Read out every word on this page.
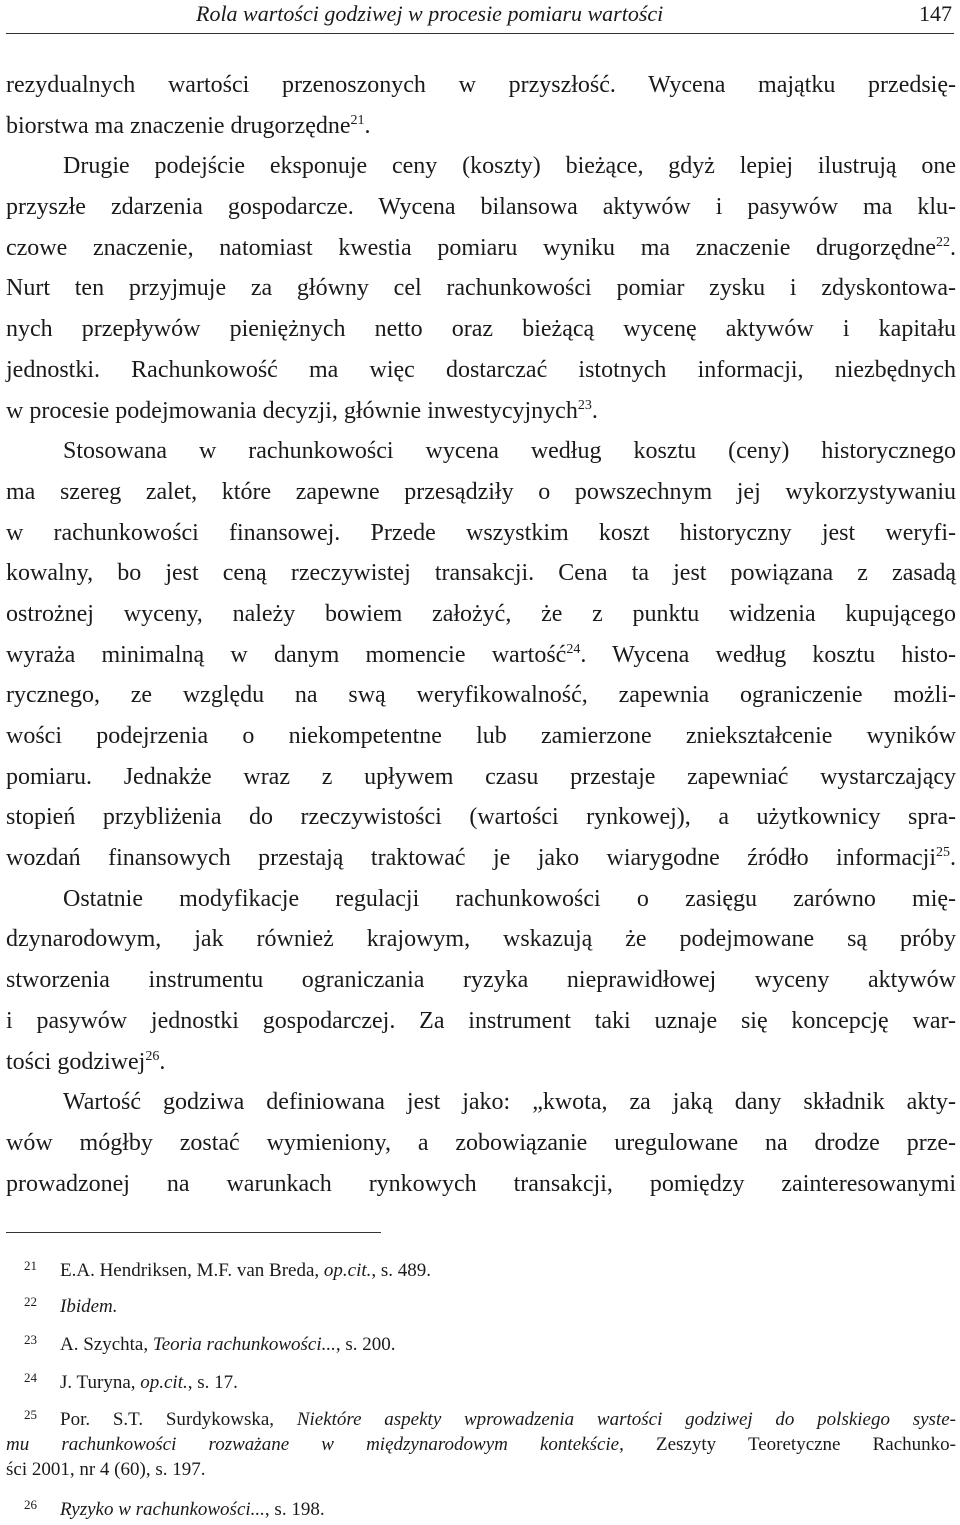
Rola wartości godziwej w procesie pomiaru wartości	147
rezydualnych wartości przenoszonych w przyszłość. Wycena majątku przedsię-
biorstwa ma znaczenie drugorzędne$^{21}$.
Drugie podejście eksponuje ceny (koszty) bieżące, gdyż lepiej ilustrują one
przyszłe zdarzenia gospodarcze. Wycena bilansowa aktywów i pasywów ma klu-
czowe znaczenie, natomiast kwestia pomiaru wyniku ma znaczenie drugorzędne$^{22}$.
Nurt ten przyjmuje za główny cel rachunkowości pomiar zysku i zdyskontowa-
nych przepływów pieniężnych netto oraz bieżącą wycenę aktywów i kapitału
jednostki. Rachunkowość ma więc dostarczać istotnych informacji, niezbędnych
w procesie podejmowania decyzji, głównie inwestycyjnych$^{23}$.
Stosowana w rachunkowości wycena według kosztu (ceny) historycznego
ma szereg zalet, które zapewne przesądziły o powszechnym jej wykorzystywaniu
w rachunkowości finansowej. Przede wszystkim koszt historyczny jest weryfi-
kowalny, bo jest ceną rzeczywistej transakcji. Cena ta jest powiązana z zasadą
ostrożnej wyceny, należy bowiem założyć, że z punktu widzenia kupującego
wyraża minimalną w danym momencie wartość$^{24}$. Wycena według kosztu histo-
rycznego, ze względu na swą weryfikowalność, zapewnia ograniczenie możli-
wości podejrzenia o niekompetentne lub zamierzone zniekształcenie wyników
pomiaru. Jednakże wraz z upływem czasu przestaje zapewniać wystarczający
stopień przybliżenia do rzeczywistości (wartości rynkowej), a użytkownicy spra-
wozdań finansowych przestają traktować je jako wiarygodne źródło informacji$^{25}$.
Ostatnie modyfikacje regulacji rachunkowości o zasięgu zarówno mię-
dzynarodowym, jak również krajowym, wskazują że podejmowane są próby
stworzenia instrumentu ograniczania ryzyka nieprawidłowej wyceny aktywów
i pasywów jednostki gospodarczej. Za instrument taki uznaje się koncepcję war-
tości godziwej$^{26}$.
Wartość godziwa definiowana jest jako: „kwota, za jaką dany składnik akty-
wów mógłby zostać wymieniony, a zobowiązanie uregulowane na drodze prze-
prowadzonej na warunkach rynkowych transakcji, pomiędzy zainteresowanymi
21 E.A. Hendriksen, M.F. van Breda, op.cit., s. 489.
22 Ibidem.
23 A. Szychta, Teoria rachunkowości..., s. 200.
24 J. Turyna, op.cit., s. 17.
25 Por. S.T. Surdykowska, Niektóre aspekty wprowadzenia wartości godziwej do polskiego syste-
mu rachunkowości rozważane w międzynarodowym kontekście, Zeszyty Teoretyczne Rachunko-
ści 2001, nr 4 (60), s. 197.
26 Ryzyko w rachunkowości..., s. 198.
